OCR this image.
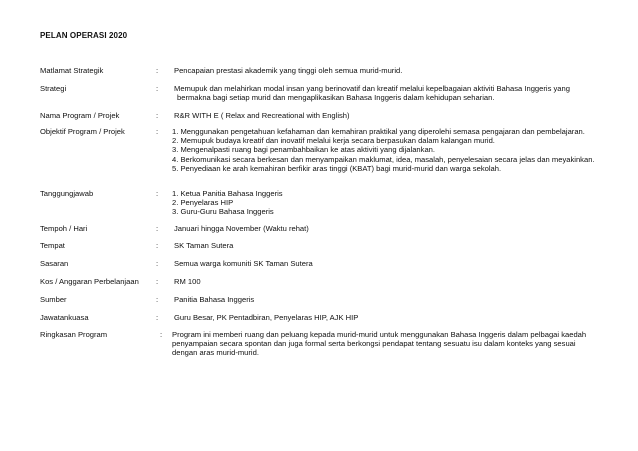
PELAN OPERASI 2020
Matlamat Strategik	:	Pencapaian prestasi akademik yang tinggi oleh semua murid-murid.
Strategi	:	Memupuk dan melahirkan modal insan yang berinovatif dan kreatif melalui kepelbagaian aktiviti Bahasa Inggeris yang
bermakna bagi setiap murid dan mengaplikasikan Bahasa Inggeris dalam kehidupan seharian.
Nama Program / Projek	:	R&R WITH E ( Relax and Recreational with English)
Objektif Program / Projek	:	1. Menggunakan pengetahuan kefahaman dan kemahiran praktikal yang diperolehi semasa pengajaran dan pembelajaran.
2. Memupuk budaya kreatif dan inovatif melalui kerja secara berpasukan dalam kalangan murid.
3. Mengenalpasti ruang bagi penambahbaikan ke atas aktiviti yang dijalankan.
4. Berkomunikasi secara berkesan dan menyampaikan maklumat, idea, masalah, penyelesaian secara jelas dan meyakinkan.
5. Penyediaan ke arah kemahiran berfikir aras tinggi (KBAT) bagi murid-murid dan warga sekolah.
Tanggungjawab	:	1. Ketua Panitia Bahasa Inggeris
2. Penyelaras HIP
3. Guru-Guru Bahasa Inggeris
Tempoh / Hari	:	Januari hingga November (Waktu rehat)
Tempat	:	SK Taman Sutera
Sasaran	:	Semua warga komuniti SK Taman Sutera
Kos / Anggaran Perbelanjaan	:	RM 100
Sumber	:	Panitia Bahasa Inggeris
Jawatankuasa	:	Guru Besar, PK Pentadbiran, Penyelaras HIP, AJK HIP
Ringkasan Program	:	Program ini memberi ruang dan peluang kepada murid-murid untuk menggunakan Bahasa Inggeris dalam pelbagai kaedah
penyampaian secara spontan dan juga formal serta berkongsi pendapat tentang sesuatu isu dalam konteks yang sesuai
dengan aras murid-murid.
